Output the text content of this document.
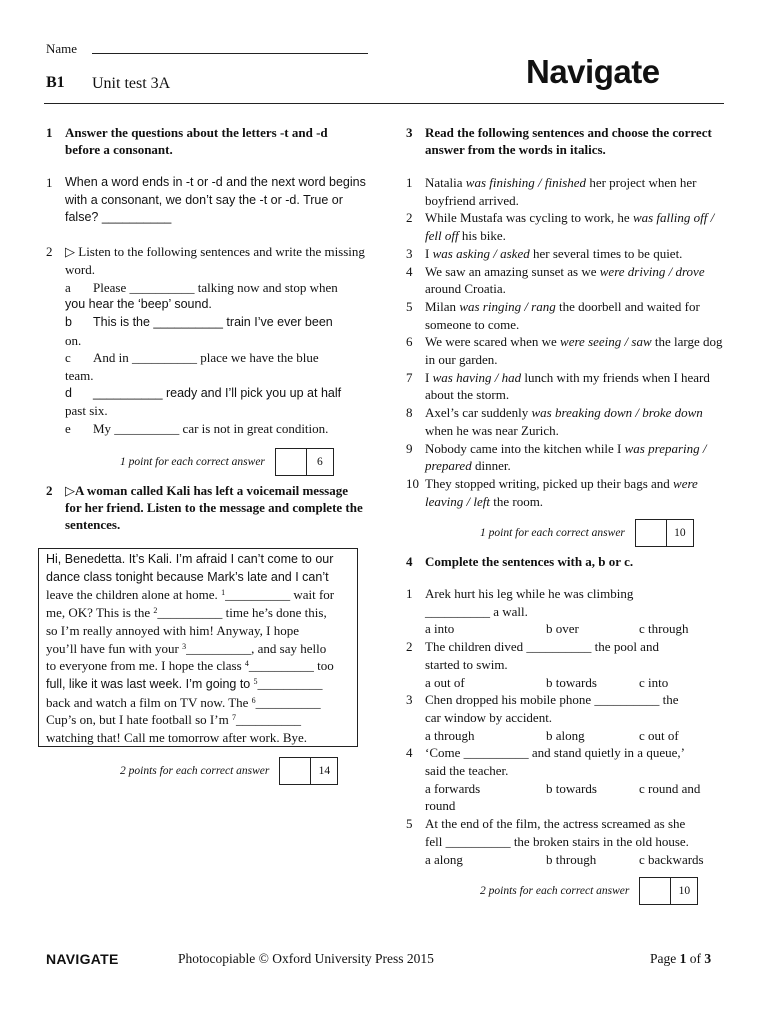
Name
B1 Unit test 3A	Navigate
1 Answer the questions about the letters -t and -d before a consonant.
1	When a word ends in -t or -d and the next word begins with a consonant, we don’t say the -t or -d. True or false? __________
2 ▷ Listen to the following sentences and write the missing word.
a	Please __________ talking now and stop when
you hear the ‘beep’ sound.
b	This is the __________ train I’ve ever been
on.
c	And in __________ place we have the blue
team.
d	__________ ready and I’ll pick you up at half
past six.
e	My __________ car is not in great condition.
1 point for each correct answer	6
2 ▷A woman called Kali has left a voicemail message for her friend. Listen to the message and complete the sentences.
Hi, Benedetta. It’s Kali. I’m afraid I can’t come to our
dance class tonight because Mark’s late and I can’t
leave the children alone at home. $^1$__________ wait for
me, OK? This is the $^2$__________ time he’s done this,
so I’m really annoyed with him! Anyway, I hope
you’ll have fun with your $^3$__________, and say hello
to everyone from me. I hope the class $^4$__________ too
full, like it was last week. I’m going to $^5$__________
back and watch a film on TV now. The $^6$__________
Cup’s on, but I hate football so I’m $^7$__________
watching that! Call me tomorrow after work. Bye.
2 points for each correct answer	14
3 Read the following sentences and choose the correct answer from the words in italics.
1 Natalia was finishing / finished her project when her boyfriend arrived.
2 While Mustafa was cycling to work, he was falling off / fell off his bike.
3 I was asking / asked her several times to be quiet.
4 We saw an amazing sunset as we were driving / drove around Croatia.
5 Milan was ringing / rang the doorbell and waited for someone to come.
6 We were scared when we were seeing / saw the large dog in our garden.
7 I was having / had lunch with my friends when I heard about the storm.
8 Axel’s car suddenly was breaking down / broke down when he was near Zurich.
9 Nobody came into the kitchen while I was preparing / prepared dinner.
10 They stopped writing, picked up their bags and were leaving / left the room.
1 point for each correct answer	10
4 Complete the sentences with a, b or c.
1 Arek hurt his leg while he was climbing
__________ a wall.
a into	b over	c through
2 The children dived __________ the pool and
started to swim.
a out of	b towards	c into
3 Chen dropped his mobile phone __________ the
car window by accident.
a through	b along	c out of
4 ‘Come __________ and stand quietly in a queue,’
said the teacher.
a forwards	b towards	c round and
round
5 At the end of the film, the actress screamed as she
fell __________ the broken stairs in the old house.
a along	b through	c backwards
2 points for each correct answer	10
NAVIGATE	Photocopiable © Oxford University Press 2015	Page 1 of 3
